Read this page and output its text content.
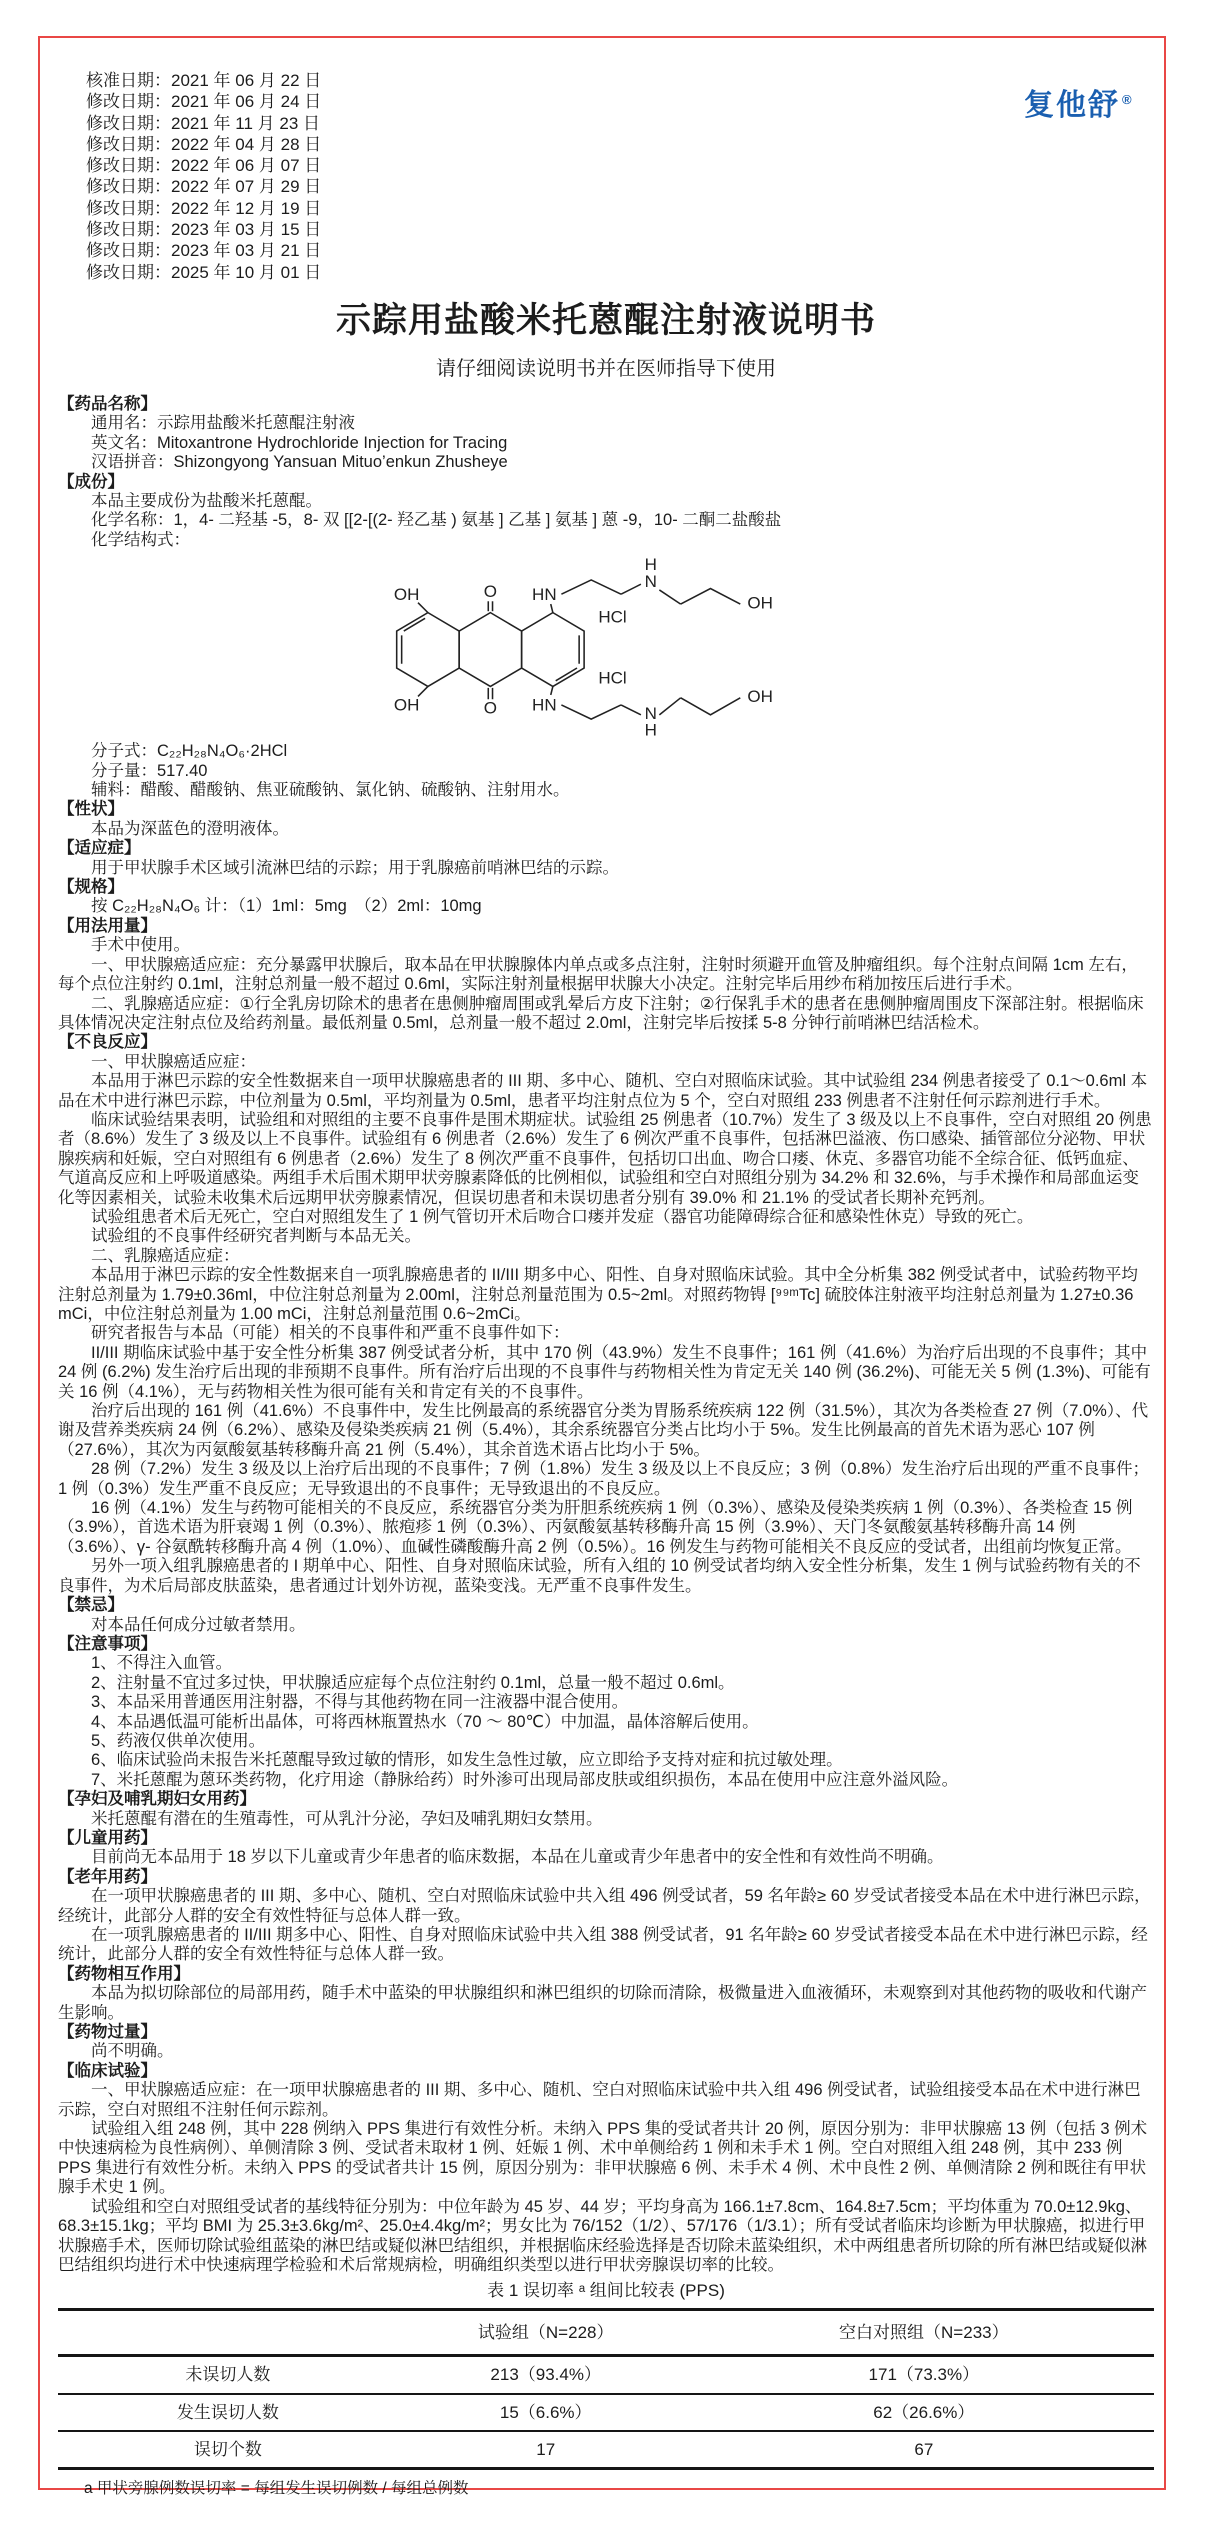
核准日期：2021 年 06 月 22 日
修改日期：2021 年 06 月 24 日
修改日期：2021 年 11 月 23 日
修改日期：2022 年 04 月 28 日
修改日期：2022 年 06 月 07 日
修改日期：2022 年 07 月 29 日
修改日期：2022 年 12 月 19 日
修改日期：2023 年 03 月 15 日
修改日期：2023 年 03 月 21 日
修改日期：2025 年 10 月 01 日
复他舒 ®
示踪用盐酸米托蒽醌注射液说明书
请仔细阅读说明书并在医师指导下使用
【药品名称】
通用名：示踪用盐酸米托蒽醌注射液
英文名：Mitoxantrone Hydrochloride Injection for Tracing
汉语拼音：Shizongyong Yansuan Mituo’enkun Zhusheye
【成份】
本品主要成份为盐酸米托蒽醌。
化学名称：1，4- 二羟基 -5，8- 双 [[2-[(2- 羟乙基 ) 氨基 ] 乙基 ] 氨基 ] 蒽 -9，10- 二酮二盐酸盐
化学结构式：
OH	O HN
N
H
OH
HCl
OH	O HN	N
H
OH
HCl
分子式：C₂₂H₂₈N₄O₆·2HCl
分子量：517.40
辅料：醋酸、醋酸钠、焦亚硫酸钠、氯化钠、硫酸钠、注射用水。
【性状】
本品为深蓝色的澄明液体。
【适应症】
用于甲状腺手术区域引流淋巴结的示踪；用于乳腺癌前哨淋巴结的示踪。
【规格】
按 C₂₂H₂₈N₄O₆ 计：（1）1ml：5mg　（2）2ml：10mg
【用法用量】
手术中使用。
一、甲状腺癌适应症：充分暴露甲状腺后，取本品在甲状腺腺体内单点或多点注射，注射时须避开血管及肿瘤组织。每个注射点间隔 1cm 左右，每个点位注射约 0.1ml，注射总剂量一般不超过 0.6ml，实际注射剂量根据甲状腺大小决定。注射完毕后用纱布稍加按压后进行手术。
二、乳腺癌适应症：①行全乳房切除术的患者在患侧肿瘤周围或乳晕后方皮下注射；②行保乳手术的患者在患侧肿瘤周围皮下深部注射。根据临床具体情况决定注射点位及给药剂量。最低剂量 0.5ml，总剂量一般不超过 2.0ml，注射完毕后按揉 5-8 分钟行前哨淋巴结活检术。
【不良反应】
一、甲状腺癌适应症：
本品用于淋巴示踪的安全性数据来自一项甲状腺癌患者的 III 期、多中心、随机、空白对照临床试验。其中试验组 234 例患者接受了 0.1～0.6ml 本品在术中进行淋巴示踪，中位剂量为 0.5ml，平均剂量为 0.5ml，患者平均注射点位为 5 个，空白对照组 233 例患者不注射任何示踪剂进行手术。
临床试验结果表明，试验组和对照组的主要不良事件是围术期症状。试验组 25 例患者（10.7%）发生了 3 级及以上不良事件，空白对照组 20 例患者（8.6%）发生了 3 级及以上不良事件。试验组有 6 例患者（2.6%）发生了 6 例次严重不良事件，包括淋巴溢液、伤口感染、插管部位分泌物、甲状腺疾病和妊娠，空白对照组有 6 例患者（2.6%）发生了 8 例次严重不良事件，包括切口出血、吻合口瘘、休克、多器官功能不全综合征、低钙血症、气道高反应和上呼吸道感染。两组手术后围术期甲状旁腺素降低的比例相似，试验组和空白对照组分别为 34.2% 和 32.6%，与手术操作和局部血运变化等因素相关，试验未收集术后远期甲状旁腺素情况，但误切患者和未误切患者分别有 39.0% 和 21.1% 的受试者长期补充钙剂。
试验组患者术后无死亡，空白对照组发生了 1 例气管切开术后吻合口瘘并发症（器官功能障碍综合征和感染性休克）导致的死亡。
试验组的不良事件经研究者判断与本品无关。
二、乳腺癌适应症：
本品用于淋巴示踪的安全性数据来自一项乳腺癌患者的 II/III 期多中心、阳性、自身对照临床试验。其中全分析集 382 例受试者中，试验药物平均注射总剂量为 1.79±0.36ml，中位注射总剂量为 2.00ml，注射总剂量范围为 0.5~2ml。对照药物锝 [⁹⁹ᵐTc] 硫胶体注射液平均注射总剂量为 1.27±0.36 mCi，中位注射总剂量为 1.00 mCi，注射总剂量范围 0.6~2mCi。
研究者报告与本品（可能）相关的不良事件和严重不良事件如下：
II/III 期临床试验中基于安全性分析集 387 例受试者分析，其中 170 例（43.9%）发生不良事件；161 例（41.6%）为治疗后出现的不良事件；其中 24 例 (6.2%) 发生治疗后出现的非预期不良事件。所有治疗后出现的不良事件与药物相关性为肯定无关 140 例 (36.2%)、可能无关 5 例 (1.3%)、可能有关 16 例（4.1%），无与药物相关性为很可能有关和肯定有关的不良事件。
治疗后出现的 161 例（41.6%）不良事件中，发生比例最高的系统器官分类为胃肠系统疾病 122 例（31.5%），其次为各类检查 27 例（7.0%）、代谢及营养类疾病 24 例（6.2%）、感染及侵染类疾病 21 例（5.4%），其余系统器官分类占比均小于 5%。发生比例最高的首先术语为恶心 107 例（27.6%），其次为丙氨酸氨基转移酶升高 21 例（5.4%），其余首选术语占比均小于 5%。
28 例（7.2%）发生 3 级及以上治疗后出现的不良事件；7 例（1.8%）发生 3 级及以上不良反应；3 例（0.8%）发生治疗后出现的严重不良事件；1 例（0.3%）发生严重不良反应；无导致退出的不良事件；无导致退出的不良反应。
16 例（4.1%）发生与药物可能相关的不良反应，系统器官分类为肝胆系统疾病 1 例（0.3%）、感染及侵染类疾病 1 例（0.3%）、各类检查 15 例（3.9%），首选术语为肝衰竭 1 例（0.3%）、脓疱疹 1 例（0.3%）、丙氨酸氨基转移酶升高 15 例（3.9%）、天门冬氨酸氨基转移酶升高 14 例（3.6%）、γ- 谷氨酰转移酶升高 4 例（1.0%）、血碱性磷酸酶升高 2 例（0.5%）。16 例发生与药物可能相关不良反应的受试者，出组前均恢复正常。
另外一项入组乳腺癌患者的 I 期单中心、阳性、自身对照临床试验，所有入组的 10 例受试者均纳入安全性分析集，发生 1 例与试验药物有关的不良事件，为术后局部皮肤蓝染，患者通过计划外访视，蓝染变浅。无严重不良事件发生。
【禁忌】
对本品任何成分过敏者禁用。
【注意事项】
1、不得注入血管。
2、注射量不宜过多过快，甲状腺适应症每个点位注射约 0.1ml，总量一般不超过 0.6ml。
3、本品采用普通医用注射器，不得与其他药物在同一注液器中混合使用。
4、本品遇低温可能析出晶体，可将西林瓶置热水（70 ～ 80℃）中加温，晶体溶解后使用。
5、药液仅供单次使用。
6、临床试验尚未报告米托蒽醌导致过敏的情形，如发生急性过敏，应立即给予支持对症和抗过敏处理。
7、米托蒽醌为蒽环类药物，化疗用途（静脉给药）时外渗可出现局部皮肤或组织损伤，本品在使用中应注意外溢风险。
【孕妇及哺乳期妇女用药】
米托蒽醌有潜在的生殖毒性，可从乳汁分泌，孕妇及哺乳期妇女禁用。
【儿童用药】
目前尚无本品用于 18 岁以下儿童或青少年患者的临床数据，本品在儿童或青少年患者中的安全性和有效性尚不明确。
【老年用药】
在一项甲状腺癌患者的 III 期、多中心、随机、空白对照临床试验中共入组 496 例受试者，59 名年龄≥ 60 岁受试者接受本品在术中进行淋巴示踪，经统计，此部分人群的安全有效性特征与总体人群一致。
在一项乳腺癌患者的 II/III 期多中心、阳性、自身对照临床试验中共入组 388 例受试者，91 名年龄≥ 60 岁受试者接受本品在术中进行淋巴示踪，经统计，此部分人群的安全有效性特征与总体人群一致。
【药物相互作用】
本品为拟切除部位的局部用药，随手术中蓝染的甲状腺组织和淋巴组织的切除而清除，极微量进入血液循环，未观察到对其他药物的吸收和代谢产生影响。
【药物过量】
尚不明确。
【临床试验】
一、甲状腺癌适应症：在一项甲状腺癌患者的 III 期、多中心、随机、空白对照临床试验中共入组 496 例受试者，试验组接受本品在术中进行淋巴示踪，空白对照组不注射任何示踪剂。
试验组入组 248 例，其中 228 例纳入 PPS 集进行有效性分析。未纳入 PPS 集的受试者共计 20 例，原因分别为：非甲状腺癌 13 例（包括 3 例术中快速病检为良性病例）、单侧清除 3 例、受试者未取材 1 例、妊娠 1 例、术中单侧给药 1 例和未手术 1 例。空白对照组入组 248 例，其中 233 例 PPS 集进行有效性分析。未纳入 PPS 的受试者共计 15 例，原因分别为：非甲状腺癌 6 例、未手术 4 例、术中良性 2 例、单侧清除 2 例和既往有甲状腺手术史 1 例。
试验组和空白对照组受试者的基线特征分别为：中位年龄为 45 岁、44 岁；平均身高为 166.1±7.8cm、164.8±7.5cm；平均体重为 70.0±12.9kg、68.3±15.1kg；平均 BMI 为 25.3±3.6kg/m²、25.0±4.4kg/m²；男女比为 76/152（1/2）、57/176（1/3.1）；所有受试者临床均诊断为甲状腺癌，拟进行甲状腺癌手术，医师切除试验组蓝染的淋巴结或疑似淋巴结组织，并根据临床经验选择是否切除未蓝染组织，术中两组患者所切除的所有淋巴结或疑似淋巴结组织均进行术中快速病理学检验和术后常规病检，明确组织类型以进行甲状旁腺误切率的比较。
表 1 误切率 ᵃ 组间比较表 (PPS)
	试验组（N=228）	空白对照组（N=233）
未误切人数	213（93.4%）	171（73.3%）
发生误切人数	15（6.6%）	62（26.6%）
误切个数	17	67
a 甲状旁腺例数误切率 = 每组发生误切例数 / 每组总例数
